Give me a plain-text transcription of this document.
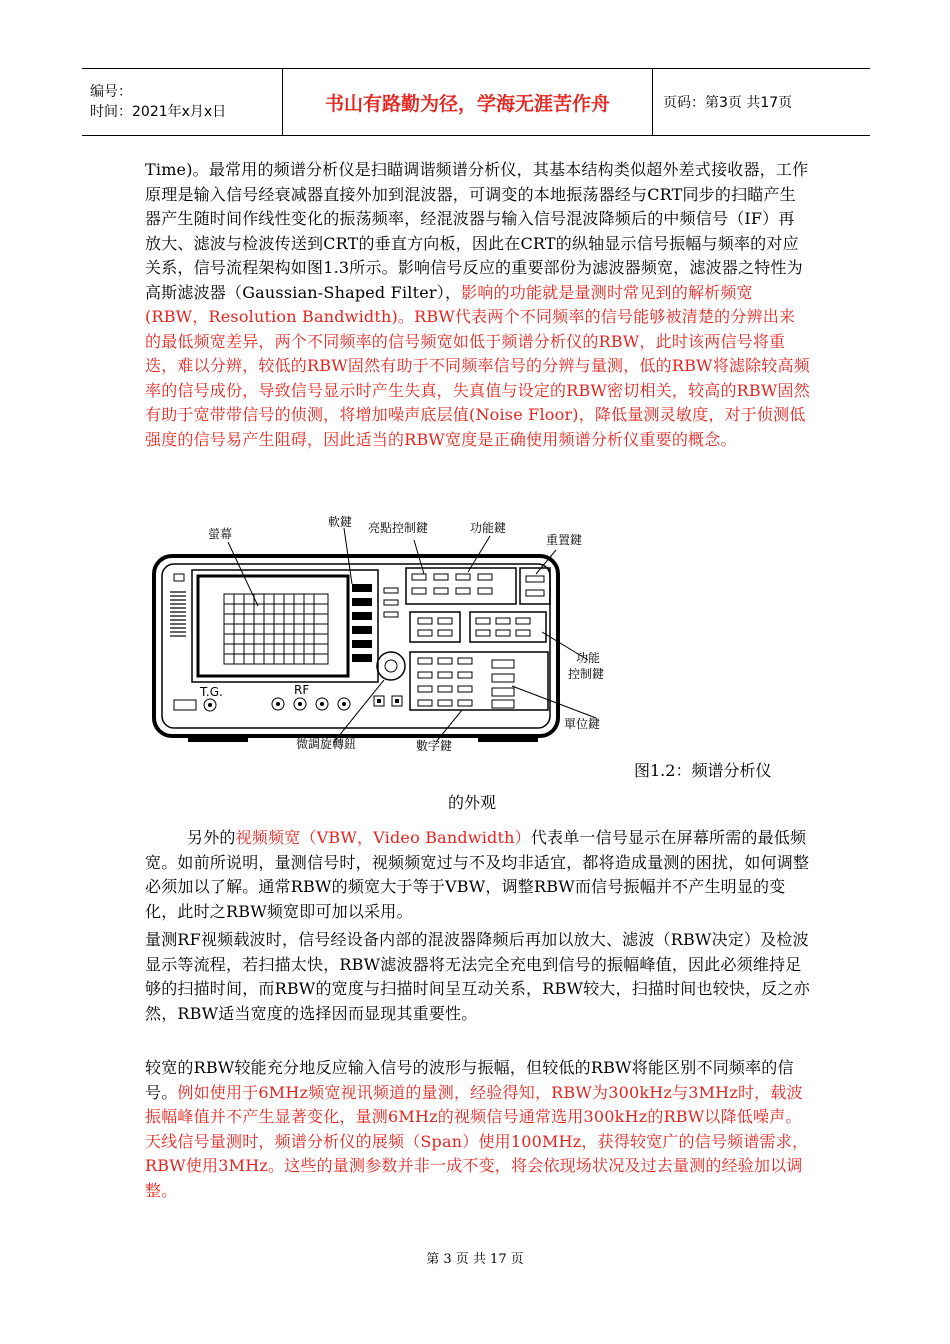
编号：
时间：2021年x月x日	书山有路勤为径，学海无涯苦作舟	页码：第3页 共17页
Time)。最常用的频谱分析仪是扫瞄调谐频谱分析仪，其基本结构类似超外差式接收器，工作原理是输入信号经衰减器直接外加到混波器，可调变的本地振荡器经与CRT同步的扫瞄产生器产生随时间作线性变化的振荡频率，经混波器与输入信号混波降频后的中频信号（IF）再放大、滤波与检波传送到CRT的垂直方向板，因此在CRT的纵轴显示信号振幅与频率的对应关系，信号流程架构如图1.3所示。影响信号反应的重要部份为滤波器频宽，滤波器之特性为高斯滤波器（Gaussian-Shaped Filter），影响的功能就是量测时常见到的解析频宽(RBW，Resolution Bandwidth)。RBW代表两个不同频率的信号能够被清楚的分辨出来的最低频宽差异，两个不同频率的信号频宽如低于频谱分析仪的RBW，此时该两信号将重迭，难以分辨，较低的RBW固然有助于不同频率信号的分辨与量测，低的RBW将滤除较高频率的信号成份，导致信号显示时产生失真，失真值与设定的RBW密切相关，较高的RBW固然有助于宽带带信号的侦测，将增加噪声底层值(Noise Floor)，降低量测灵敏度，对于侦测低强度的信号易产生阻碍，因此适当的RBW宽度是正确使用频谱分析仪重要的概念。
T.G.	RF
螢幕
軟鍵 亮點控制鍵	功能鍵
重置鍵
功能
控制鍵
單位鍵
數字鍵
微調旋轉鈕
图1.2：频谱分析仪
的外观
另外的视频频宽（VBW，Video Bandwidth）代表单一信号显示在屏幕所需的最低频宽。如前所说明，量测信号时，视频频宽过与不及均非适宜，都将造成量测的困扰，如何调整必须加以了解。通常RBW的频宽大于等于VBW，调整RBW而信号振幅并不产生明显的变化，此时之RBW频宽即可加以采用。
量测RF视频载波时，信号经设备内部的混波器降频后再加以放大、滤波（RBW决定）及检波显示等流程，若扫描太快，RBW滤波器将无法完全充电到信号的振幅峰值，因此必须维持足够的扫描时间，而RBW的宽度与扫描时间呈互动关系，RBW较大，扫描时间也较快，反之亦然，RBW适当宽度的选择因而显现其重要性。
较宽的RBW较能充分地反应输入信号的波形与振幅，但较低的RBW将能区别不同频率的信号。例如使用于6MHz频宽视讯频道的量测，经验得知，RBW为300kHz与3MHz时，载波振幅峰值并不产生显著变化，量测6MHz的视频信号通常选用300kHz的RBW以降低噪声。天线信号量测时，频谱分析仪的展频（Span）使用100MHz，获得较宽广的信号频谱需求，RBW使用3MHz。这些的量测参数并非一成不变，将会依现场状况及过去量测的经验加以调整。
第 3 页 共 17 页
